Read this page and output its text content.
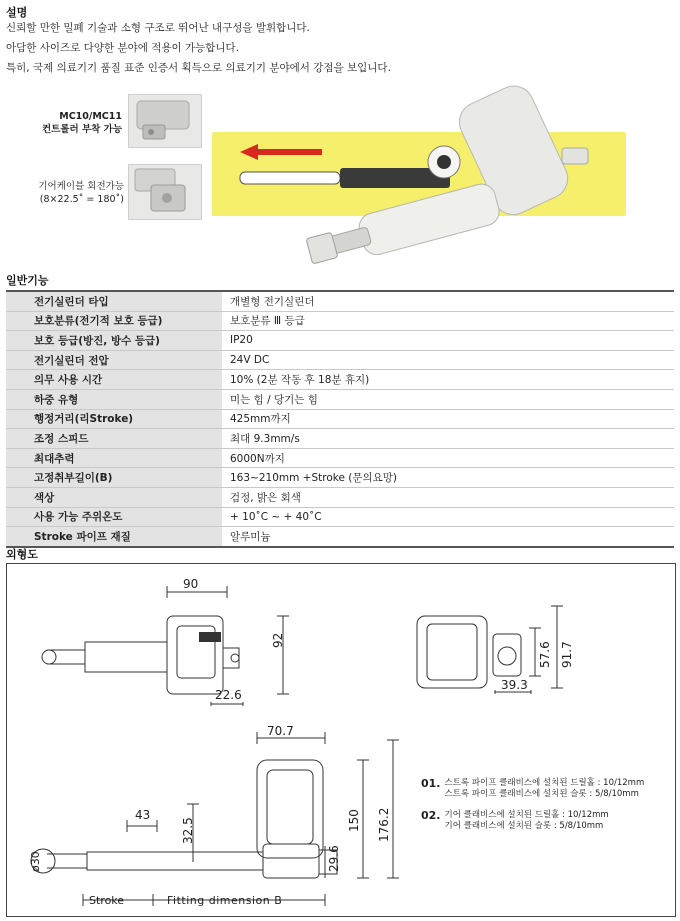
설명
신뢰할 만한 밀폐 기술과 소형 구조로 뛰어난 내구성을 발휘합니다.
아담한 사이즈로 다양한 분야에 적용이 가능합니다.
특히, 국제 의료기기 품질 표준 인증서 획득으로 의료기기 분야에서 강점을 보입니다.
MC10/MC11
컨트롤러 부착 가능
기어케이블 회전가능
(8×22.5˚ = 180˚)
일반기능
전기실린더 타입	개별형 전기실린더
보호분류(전기적 보호 등급)	보호분류 Ⅲ 등급
보호 등급(방진, 방수 등급)	IP20
전기실린더 전압	24V DC
의무 사용 시간	10% (2분 작동 후 18분 휴지)
하중 유형	미는 힘 / 당기는 힘
행정거리(리Stroke)	425mm까지
조정 스피드	최대 9.3mm/s
최대추력	6000N까지
고정취부길이(B)	163~210mm +Stroke (문의요망)
색상	검정, 밝은 회색
사용 가능 주위온도	+ 10˚C ~ + 40˚C
Stroke 파이프 재질	알루미늄
외형도
90
92
22.6
57.6 91.7
39.3
70.7
150 176.2
43
32.5
29.6
ø30
Stroke	Fitting dimension B
01. 스트록 파이프 클래비스에 설치된 드릴홀 : 10/12mm
스트록 파이프 클래비스에 설치된 슬롯 : 5/8/10mm
02. 기어 클래비스에 설치된 드릴홀 : 10/12mm
기어 클래비스에 설치된 슬롯 : 5/8/10mm
